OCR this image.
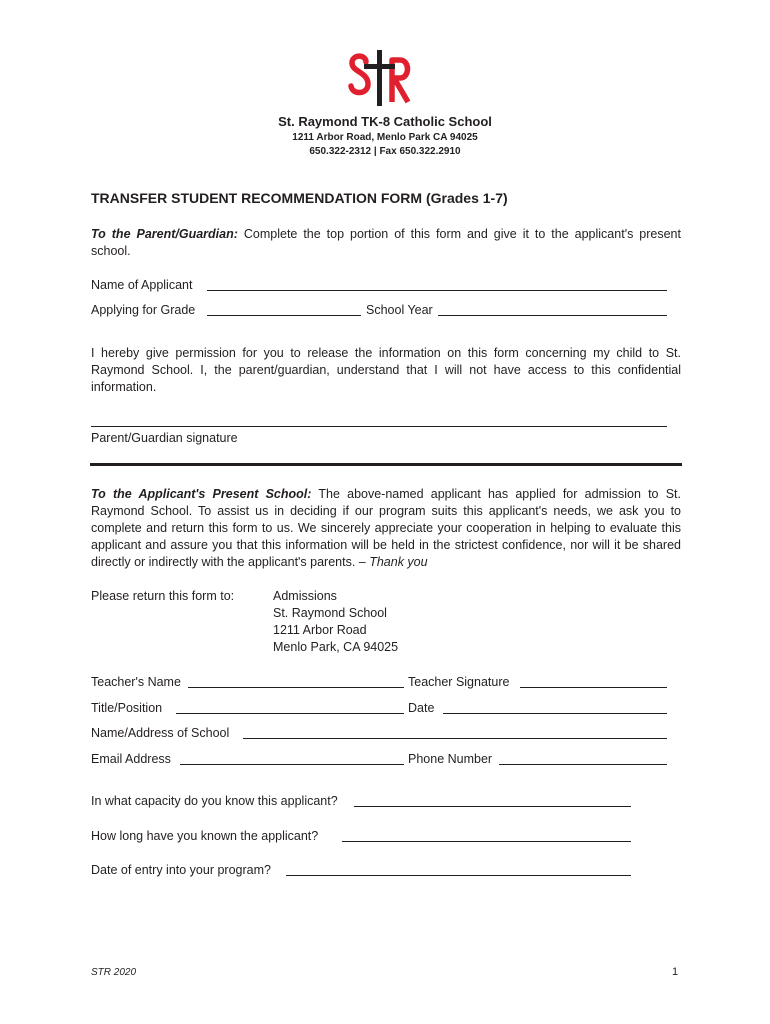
St. Raymond TK-8 Catholic School
1211 Arbor Road, Menlo Park CA 94025
650.322-2312 | Fax 650.322.2910
TRANSFER STUDENT RECOMMENDATION FORM (Grades 1-7)
To the Parent/Guardian: Complete the top portion of this form and give it to the applicant's present school.
Name of Applicant
Applying for Grade	School Year
I hereby give permission for you to release the information on this form concerning my child to St. Raymond School. I, the parent/guardian, understand that I will not have access to this confidential information.
Parent/Guardian signature
To the Applicant's Present School: The above-named applicant has applied for admission to St. Raymond School. To assist us in deciding if our program suits this applicant's needs, we ask you to complete and return this form to us. We sincerely appreciate your cooperation in helping to evaluate this applicant and assure you that this information will be held in the strictest confidence, nor will it be shared directly or indirectly with the applicant's parents. – Thank you
Please return this form to:	Admissions
St. Raymond School
1211 Arbor Road
Menlo Park, CA 94025
Teacher's Name	Teacher Signature
Title/Position	Date
Name/Address of School
Email Address	Phone Number
In what capacity do you know this applicant?
How long have you known the applicant?
Date of entry into your program?
STR 2020	1
